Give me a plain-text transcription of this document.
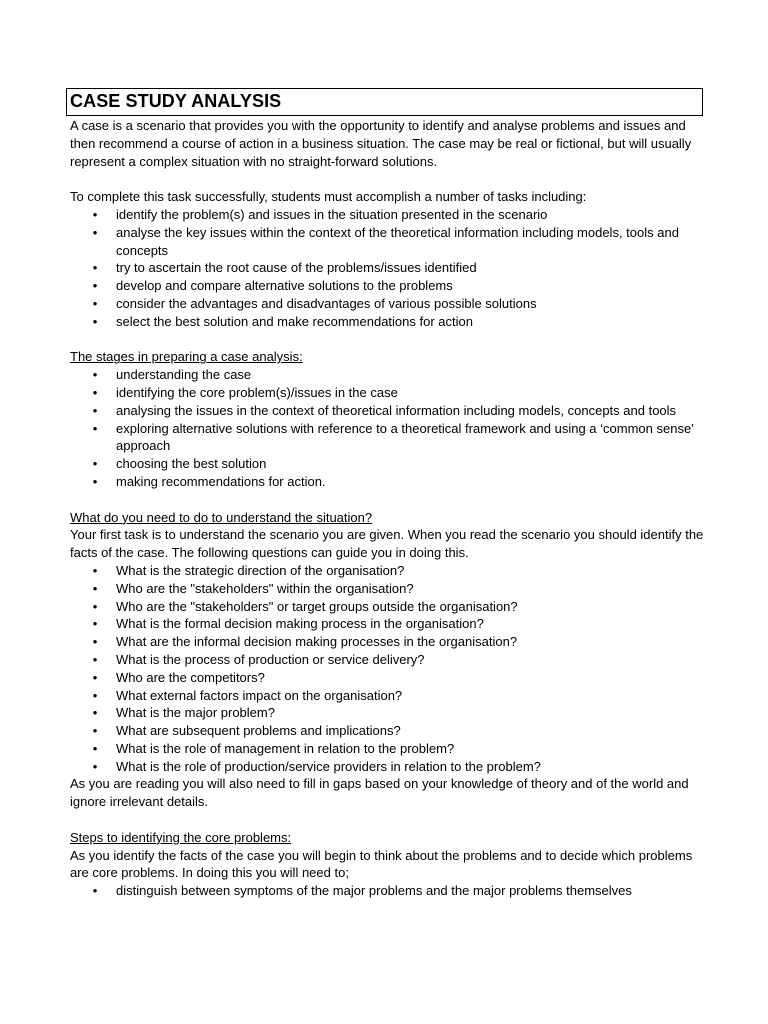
CASE STUDY ANALYSIS

A case is a scenario that provides you with the opportunity to identify and analyse problems and issues and then recommend a course of action in a business situation. The case may be real or fictional, but will usually represent a complex situation with no straight-forward solutions.

To complete this task successfully, students must accomplish a number of tasks including:

• identify the problem(s) and issues in the situation presented in the scenario
• analyse the key issues within the context of the theoretical information including models, tools and concepts
• try to ascertain the root cause of the problems/issues identified
• develop and compare alternative solutions to the problems
• consider the advantages and disadvantages of various possible solutions
• select the best solution and make recommendations for action

The stages in preparing a case analysis:

• understanding the case
• identifying the core problem(s)/issues in the case
• analysing the issues in the context of theoretical information including models, concepts and tools
• exploring alternative solutions with reference to a theoretical framework and using a ‘common sense’ approach
• choosing the best solution
• making recommendations for action.

What do you need to do to understand the situation?

Your first task is to understand the scenario you are given. When you read the scenario you should identify the facts of the case. The following questions can guide you in doing this.

• What is the strategic direction of the organisation?
• Who are the "stakeholders" within the organisation?
• Who are the "stakeholders" or target groups outside the organisation?
• What is the formal decision making process in the organisation?
• What are the informal decision making processes in the organisation?
• What is the process of production or service delivery?
• Who are the competitors?
• What external factors impact on the organisation?
• What is the major problem?
• What are subsequent problems and implications?
• What is the role of management in relation to the problem?
• What is the role of production/service providers in relation to the problem?

As you are reading you will also need to fill in gaps based on your knowledge of theory and of the world and ignore irrelevant details.

Steps to identifying the core problems:

As you identify the facts of the case you will begin to think about the problems and to decide which problems are core problems. In doing this you will need to;

• distinguish between symptoms of the major problems and the major problems themselves
